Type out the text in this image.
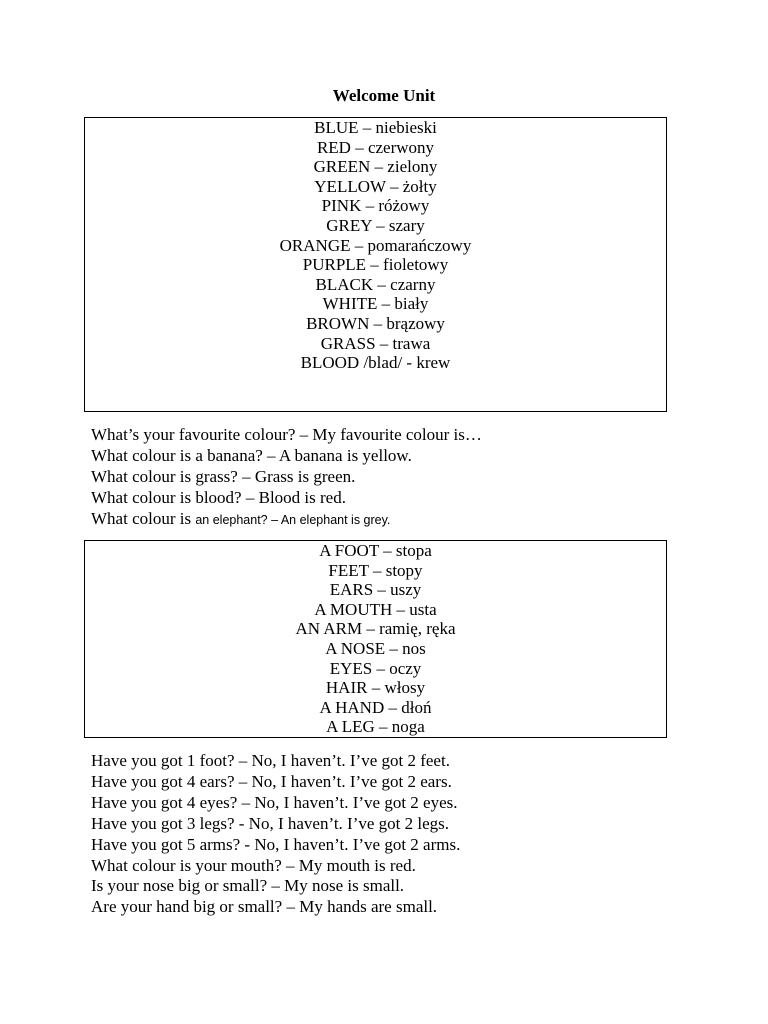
Welcome Unit
BLUE – niebieski
RED – czerwony
GREEN – zielony
YELLOW – żołty
PINK – różowy
GREY – szary
ORANGE – pomarańczowy
PURPLE – fioletowy
BLACK – czarny
WHITE – biały
BROWN – brązowy
GRASS – trawa
BLOOD /blad/ - krew
What’s your favourite colour? – My favourite colour is…
What colour is a banana? – A banana is yellow.
What colour is grass? – Grass is green.
What colour is blood? – Blood is red.
What colour is an elephant? – An elephant is grey.
A FOOT – stopa
FEET – stopy
EARS – uszy
A MOUTH – usta
AN ARM – ramię, ręka
A NOSE – nos
EYES – oczy
HAIR – włosy
A HAND – dłoń
A LEG – noga
Have you got 1 foot? – No, I haven’t. I’ve got 2 feet.
Have you got 4 ears? – No, I haven’t. I’ve got 2 ears.
Have you got 4 eyes? – No, I haven’t. I’ve got 2 eyes.
Have you got 3 legs? - No, I haven’t. I’ve got 2 legs.
Have you got 5 arms? - No, I haven’t. I’ve got 2 arms.
What colour is your mouth? – My mouth is red.
Is your nose big or small? – My nose is small.
Are your hand big or small? – My hands are small.
